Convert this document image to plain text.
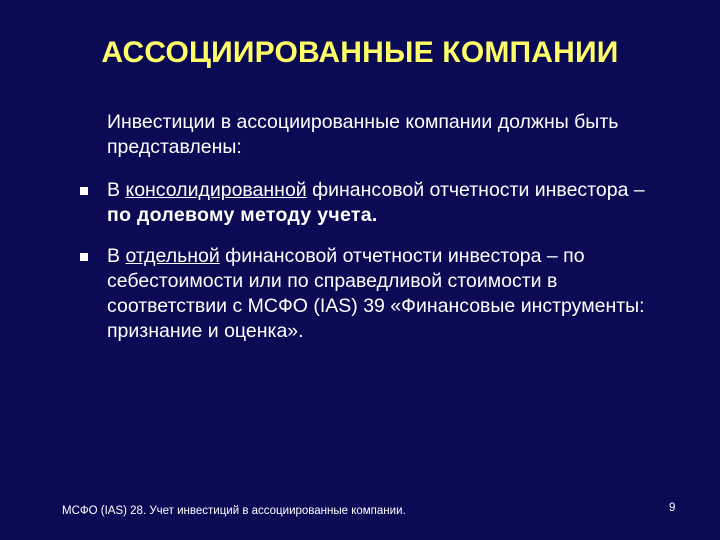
АССОЦИИРОВАННЫЕ КОМПАНИИ
Инвестиции в ассоциированные компании должны быть представлены:
В консолидированной финансовой отчетности инвестора – по долевому методу учета.
В отдельной финансовой отчетности инвестора – по себестоимости или по справедливой стоимости в соответствии с МСФО (IAS) 39 «Финансовые инструменты: признание и оценка».
МСФО (IAS) 28. Учет инвестиций в ассоциированные компании.	9
